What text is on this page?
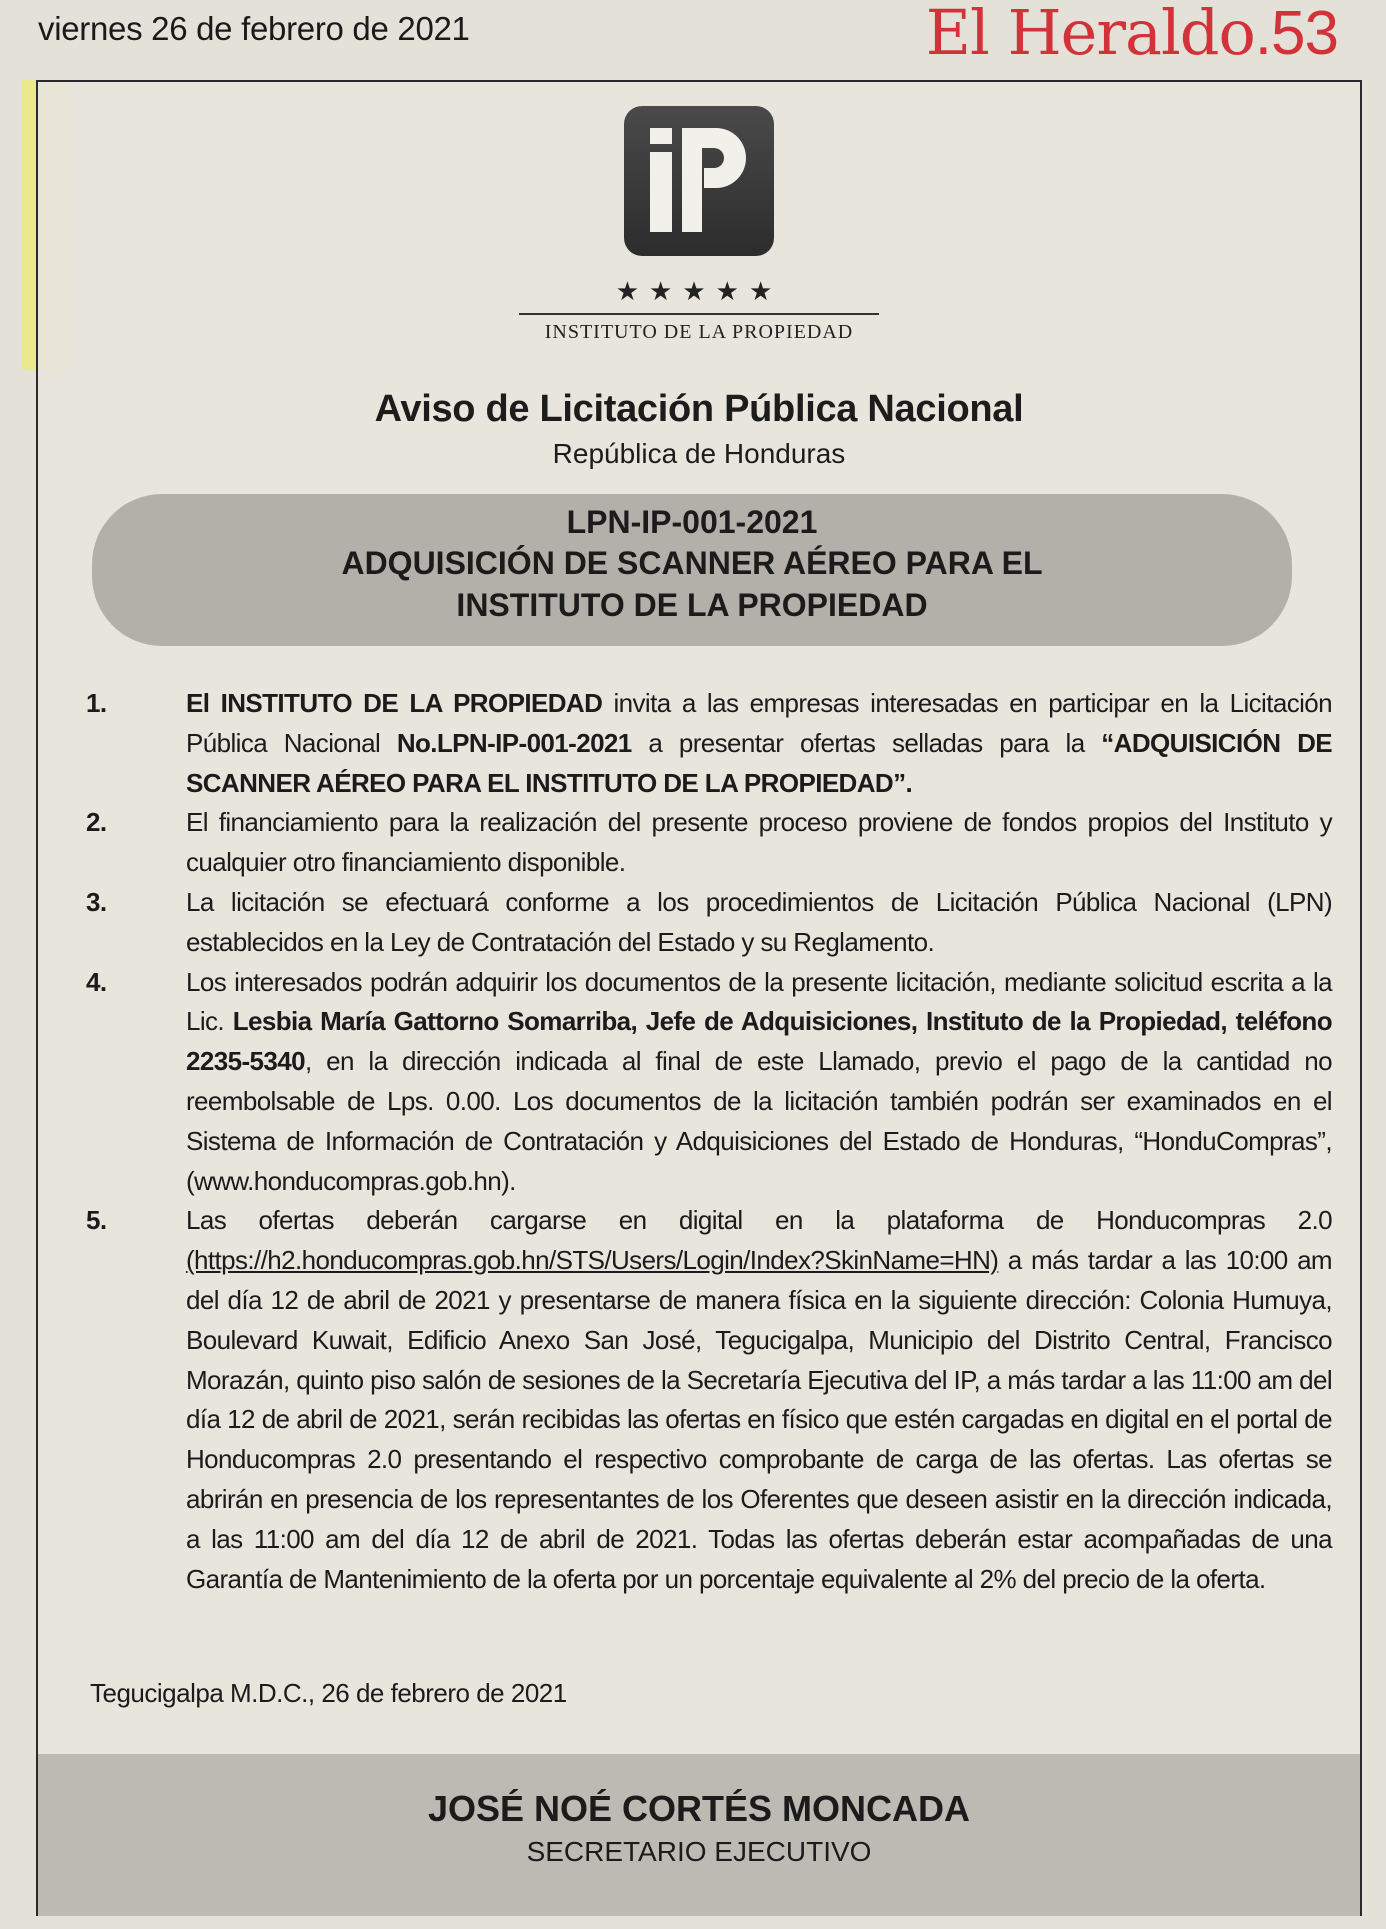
viernes 26 de febrero de 2021	El Heraldo.53
★★★★★
INSTITUTO DE LA PROPIEDAD
Aviso de Licitación Pública Nacional
República de Honduras
LPN-IP-001-2021
ADQUISICIÓN DE SCANNER AÉREO PARA EL
INSTITUTO DE LA PROPIEDAD
1.	El INSTITUTO DE LA PROPIEDAD invita a las empresas interesadas en participar en la Licitación Pública Nacional No.LPN-IP-001-2021 a presentar ofertas selladas para la “ADQUISICIÓN DE SCANNER AÉREO PARA EL INSTITUTO DE LA PROPIEDAD”.
2.	El financiamiento para la realización del presente proceso proviene de fondos propios del Instituto y cualquier otro financiamiento disponible.
3.	La licitación se efectuará conforme a los procedimientos de Licitación Pública Nacional (LPN) establecidos en la Ley de Contratación del Estado y su Reglamento.
4.	Los interesados podrán adquirir los documentos de la presente licitación, mediante solicitud escrita a la Lic. Lesbia María Gattorno Somarriba, Jefe de Adquisiciones, Instituto de la Propiedad, teléfono 2235-5340, en la dirección indicada al final de este Llamado, previo el pago de la cantidad no reembolsable de Lps. 0.00. Los documentos de la licitación también podrán ser examinados en el Sistema de Información de Contratación y Adquisiciones del Estado de Honduras, “HonduCompras”, (www.honducompras.gob.hn).
5.	Las ofertas deberán cargarse en digital en la plataforma de Honducompras 2.0 (https://h2.honducompras.gob.hn/STS/Users/Login/Index?SkinName=HN) a más tardar a las 10:00 am del día 12 de abril de 2021 y presentarse de manera física en la siguiente dirección: Colonia Humuya, Boulevard Kuwait, Edificio Anexo San José, Tegucigalpa, Municipio del Distrito Central, Francisco Morazán, quinto piso salón de sesiones de la Secretaría Ejecutiva del IP, a más tardar a las 11:00 am del día 12 de abril de 2021, serán recibidas las ofertas en físico que estén cargadas en digital en el portal de Honducompras 2.0 presentando el respectivo comprobante de carga de las ofertas. Las ofertas se abrirán en presencia de los representantes de los Oferentes que deseen asistir en la dirección indicada, a las 11:00 am del día 12 de abril de 2021. Todas las ofertas deberán estar acompañadas de una Garantía de Mantenimiento de la oferta por un porcentaje equivalente al 2% del precio de la oferta.
Tegucigalpa M.D.C., 26 de febrero de 2021
JOSÉ NOÉ CORTÉS MONCADA
SECRETARIO EJECUTIVO
